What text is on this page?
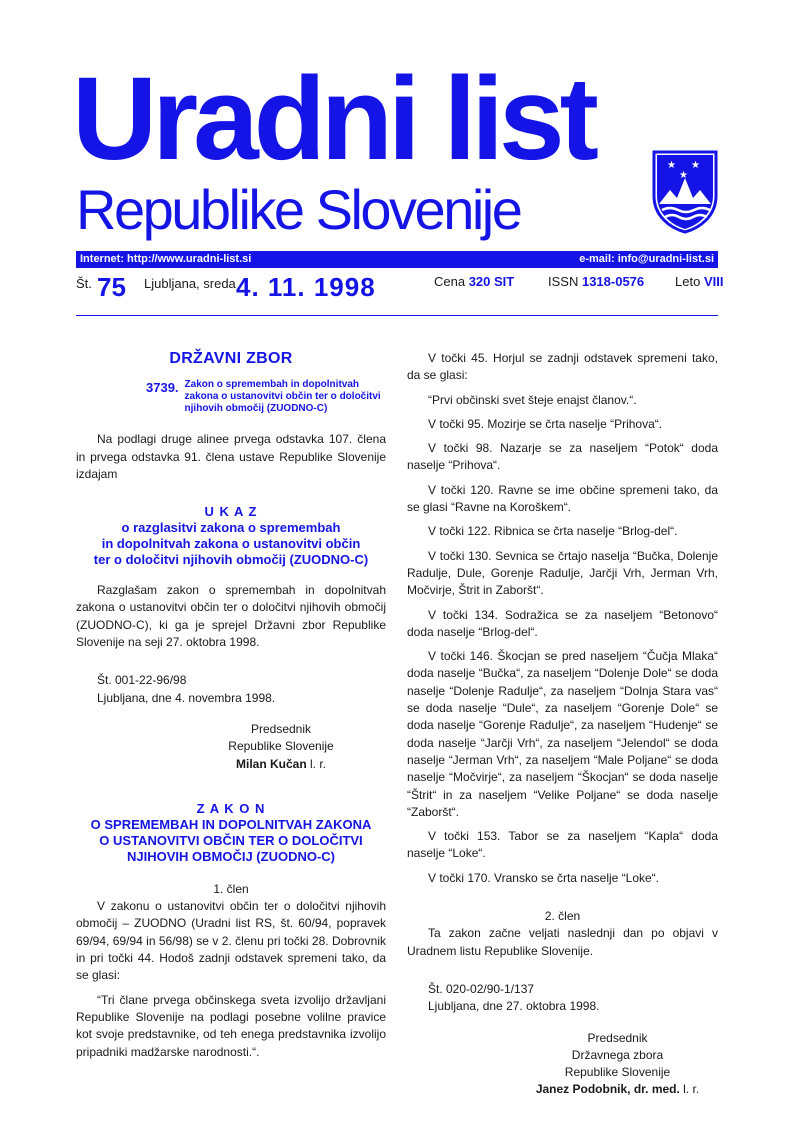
Uradni list
Republike Slovenije
★ ★
★
Internet: http://www.uradni-list.si	e-mail: info@uradni-list.si
Št. 75 Ljubljana, sreda 4. 11. 1998	Cena 320 SIT	ISSN 1318-0576 Leto VIII
DRŽAVNI ZBOR
3739. Zakon o spremembah in dopolnitvah zakona o ustanovitvi občin ter o določitvi njihovih območij (ZUODNO-C)

Na podlagi druge alinee prvega odstavka 107. člena in prvega odstavka 91. člena ustave Republike Slovenije izdajam

U K A Z
o razglasitvi zakona o spremembah
in dopolnitvah zakona o ustanovitvi občin
ter o določitvi njihovih območij (ZUODNO-C)

Razglašam zakon o spremembah in dopolnitvah zakona o ustanovitvi občin ter o določitvi njihovih območij (ZUODNO-C), ki ga je sprejel Državni zbor Republike Slovenije na seji 27. oktobra 1998.

Št. 001-22-96/98
Ljubljana, dne 4. novembra 1998.

Predsednik

Republike Slovenije

Milan Kučan l. r.

Z A K O N
O SPREMEMBAH IN DOPOLNITVAH ZAKONA
O USTANOVITVI OBČIN TER O DOLOČITVI
NJIHOVIH OBMOČIJ (ZUODNO-C)
1. člen

V zakonu o ustanovitvi občin ter o določitvi njihovih območij – ZUODNO (Uradni list RS, št. 60/94, popravek 69/94, 69/94 in 56/98) se v 2. členu pri točki 28. Dobrovnik in pri točki 44. Hodoš zadnji odstavek spremeni tako, da se glasi:

“Tri člane prvega občinskega sveta izvolijo državljani Republike Slovenije na podlagi posebne volilne pravice kot svoje predstavnike, od teh enega predstavnika izvolijo pripadniki madžarske narodnosti.“.

V točki 45. Horjul se zadnji odstavek spremeni tako, da se glasi:

“Prvi občinski svet šteje enajst članov.“.

V točki 95. Mozirje se črta naselje “Prihova“.

V točki 98. Nazarje se za naseljem “Potok“ doda naselje “Prihova“.

V točki 120. Ravne se ime občine spremeni tako, da se glasi “Ravne na Koroškem“.

V točki 122. Ribnica se črta naselje “Brlog-del“.

V točki 130. Sevnica se črtajo naselja “Bučka, Dolenje Radulje, Dule, Gorenje Radulje, Jarčji Vrh, Jerman Vrh, Močvirje, Štrit in Zaboršt“.

V točki 134. Sodražica se za naseljem “Betonovo“ doda naselje “Brlog-del“.

V točki 146. Škocjan se pred naseljem “Čučja Mlaka“ doda naselje “Bučka“, za naseljem “Dolenje Dole“ se doda naselje “Dolenje Radulje“, za naseljem “Dolnja Stara vas“ se doda naselje “Dule“, za naseljem “Gorenje Dole“ se doda naselje “Gorenje Radulje“, za naseljem “Hudenje“ se doda naselje “Jarčji Vrh“, za naseljem “Jelendol“ se doda naselje “Jerman Vrh“, za naseljem “Male Poljane“ se doda naselje “Močvirje“, za naseljem “Škocjan“ se doda naselje “Štrit“ in za naseljem “Velike Poljane“ se doda naselje “Zaboršt“.

V točki 153. Tabor se za naseljem “Kapla“ doda naselje “Loke“.

V točki 170. Vransko se črta naselje “Loke“.

2. člen

Ta zakon začne veljati naslednji dan po objavi v Uradnem listu Republike Slovenije.

Št. 020-02/90-1/137
Ljubljana, dne 27. oktobra 1998.

Predsednik

Državnega zbora

Republike Slovenije

Janez Podobnik, dr. med. l. r.
